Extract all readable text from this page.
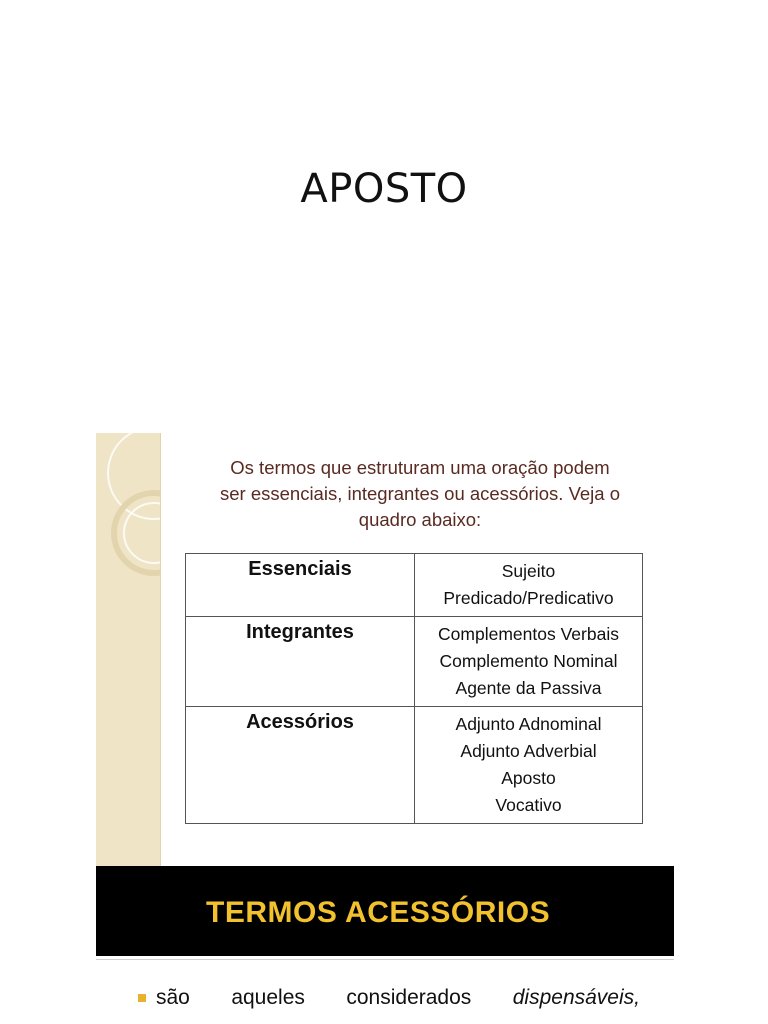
APOSTO

Os termos que estruturam uma oração podem
ser essenciais, integrantes ou acessórios. Veja o
quadro abaixo:

Essenciais	Sujeito
Predicado/Predicativo

Integrantes	Complementos Verbais
Complemento Nominal
Agente da Passiva

Acessórios	Adjunto Adnominal
Adjunto Adverbial
Aposto
Vocativo
TERMOS ACESSÓRIOS
são aqueles considerados dispensáveis,
